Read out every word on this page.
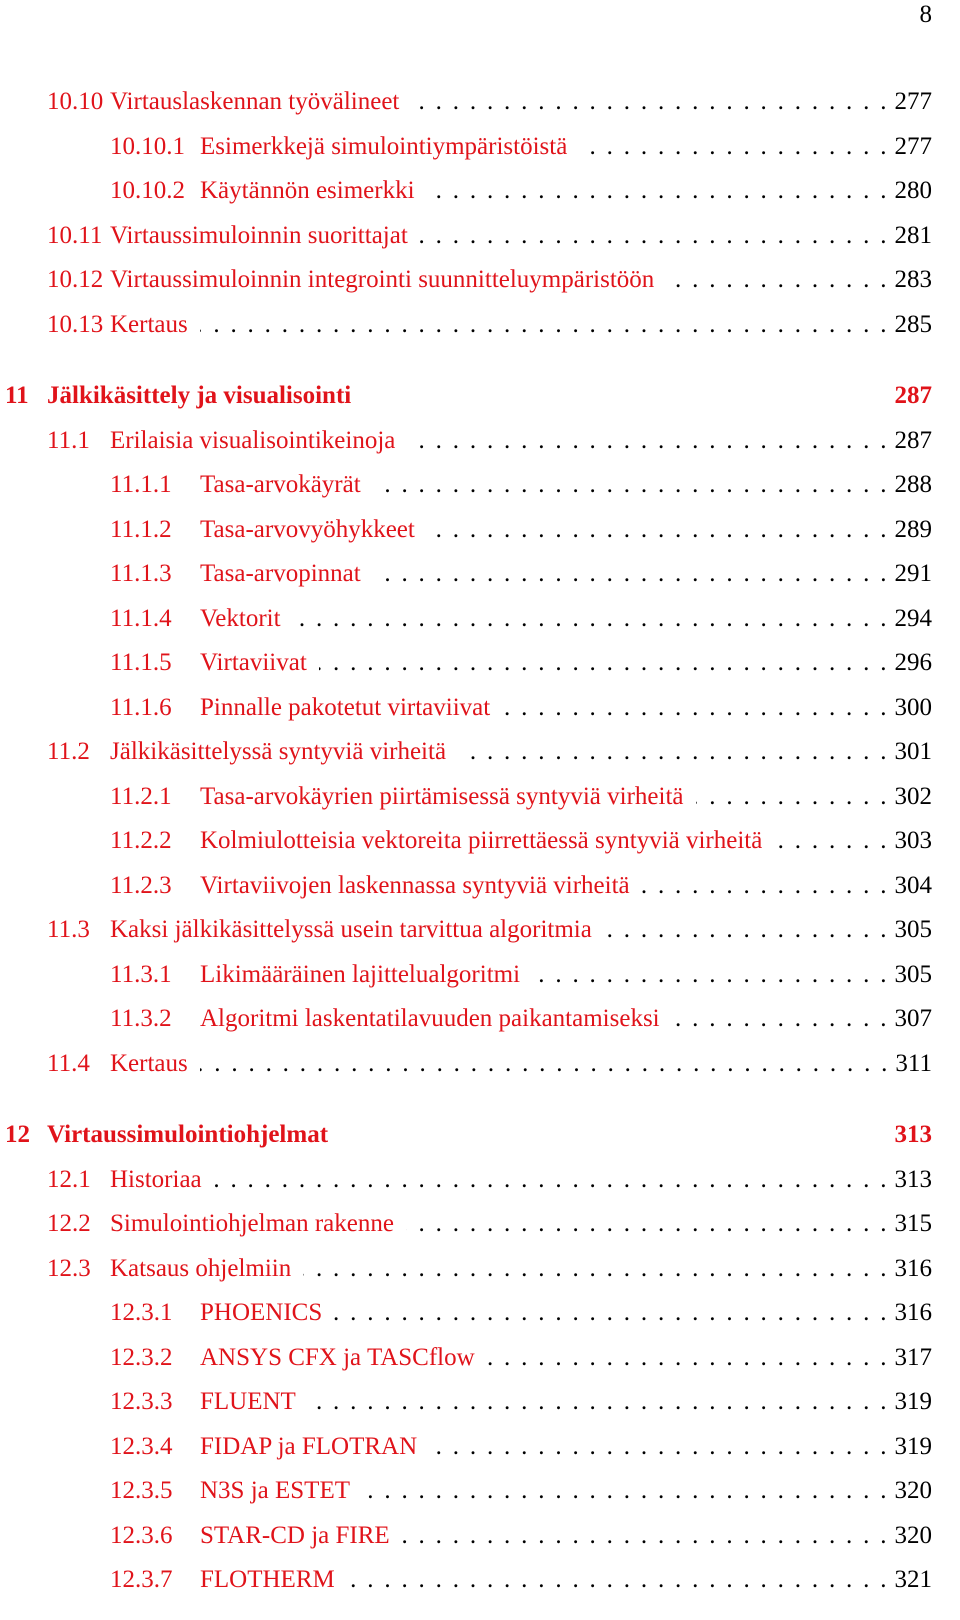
8
10.10 Virtauslaskennan työvälineet . . .	277
10.10.1 Esimerkkejä simulointiympäristöistä . . .	277
10.10.2 Käytännön esimerkki . . .	280
10.11 Virtaussimuloinnin suorittajat . . .	281
10.12 Virtaussimuloinnin integrointi suunnitteluympäristöön . . .	283
10.13 Kertaus . . .	285
11 Jälkikäsittely ja visualisointi	287
11.1 Erilaisia visualisointikeinoja . . .	287
11.1.1 Tasa-arvokäyrät . . .	288
11.1.2 Tasa-arvovyöhykkeet . . .	289
11.1.3 Tasa-arvopinnat . . .	291
11.1.4 Vektorit . . .	294
11.1.5 Virtaviivat . . .	296
11.1.6 Pinnalle pakotetut virtaviivat . . .	300
11.2 Jälkikäsittelyssä syntyviä virheitä . . .	301
11.2.1 Tasa-arvokäyrien piirtämisessä syntyviä virheitä . . .	302
11.2.2 Kolmiulotteisia vektoreita piirrettäessä syntyviä virheitä . . .	303
11.2.3 Virtaviivojen laskennassa syntyviä virheitä . . .	304
11.3 Kaksi jälkikäsittelyssä usein tarvittua algoritmia . . .	305
11.3.1 Likimääräinen lajittelualgoritmi . . .	305
11.3.2 Algoritmi laskentatilavuuden paikantamiseksi . . .	307
11.4 Kertaus . . .	311
12 Virtaussimulointiohjelmat	313
12.1 Historiaa . . .	313
12.2 Simulointiohjelman rakenne . . .	315
12.3 Katsaus ohjelmiin . . .	316
12.3.1 PHOENICS . . .	316
12.3.2 ANSYS CFX ja TASCflow . . .	317
12.3.3 FLUENT . . .	319
12.3.4 FIDAP ja FLOTRAN . . .	319
12.3.5 N3S ja ESTET . . .	320
12.3.6 STAR-CD ja FIRE . . .	320
12.3.7 FLOTHERM . . .	321
